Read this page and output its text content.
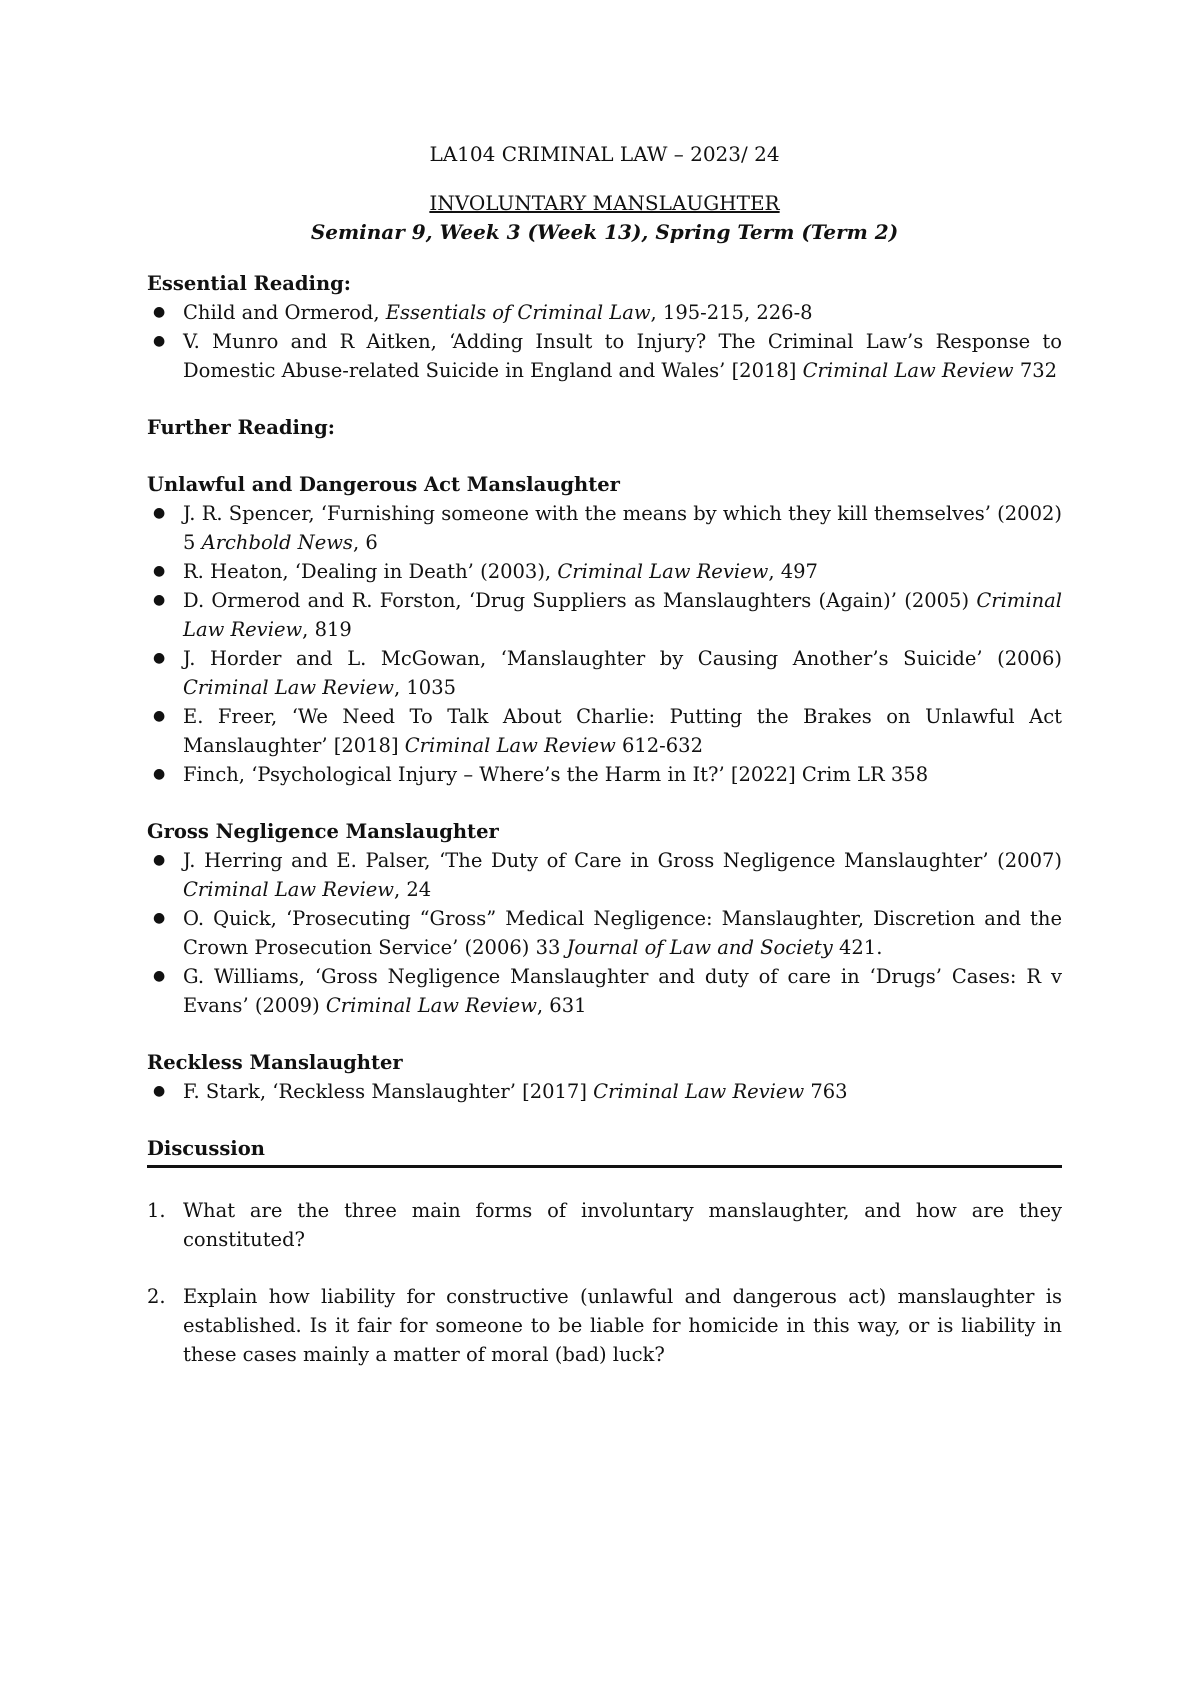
LA104 CRIMINAL LAW – 2023/ 24

INVOLUNTARY MANSLAUGHTER

Seminar 9, Week 3 (Week 13), Spring Term (Term 2)

Essential Reading:

● Child and Ormerod, Essentials of Criminal Law, 195-215, 226-8
● V. Munro and R Aitken, ‘Adding Insult to Injury? The Criminal Law’s Response to Domestic Abuse-related Suicide in England and Wales’ [2018] Criminal Law Review 732

Further Reading:

Unlawful and Dangerous Act Manslaughter

● J. R. Spencer, ‘Furnishing someone with the means by which they kill themselves’ (2002) 5 Archbold News, 6
● R. Heaton, ‘Dealing in Death’ (2003), Criminal Law Review, 497
● D. Ormerod and R. Forston, ‘Drug Suppliers as Manslaughters (Again)’ (2005) Criminal Law Review, 819
● J. Horder and L. McGowan, ‘Manslaughter by Causing Another’s Suicide’ (2006) Criminal Law Review, 1035
● E. Freer, ‘We Need To Talk About Charlie: Putting the Brakes on Unlawful Act Manslaughter’ [2018] Criminal Law Review 612-632
● Finch, ‘Psychological Injury – Where’s the Harm in It?’ [2022] Crim LR 358

Gross Negligence Manslaughter

● J. Herring and E. Palser, ‘The Duty of Care in Gross Negligence Manslaughter’ (2007) Criminal Law Review, 24
● O. Quick, ‘Prosecuting “Gross” Medical Negligence: Manslaughter, Discretion and the Crown Prosecution Service’ (2006) 33 Journal of Law and Society 421.
● G. Williams, ‘Gross Negligence Manslaughter and duty of care in ‘Drugs’ Cases: R v Evans’ (2009) Criminal Law Review, 631

Reckless Manslaughter

● F. Stark, ‘Reckless Manslaughter’ [2017] Criminal Law Review 763

Discussion

1. What are the three main forms of involuntary manslaughter, and how are they constituted?
2. Explain how liability for constructive (unlawful and dangerous act) manslaughter is established. Is it fair for someone to be liable for homicide in this way, or is liability in these cases mainly a matter of moral (bad) luck?
